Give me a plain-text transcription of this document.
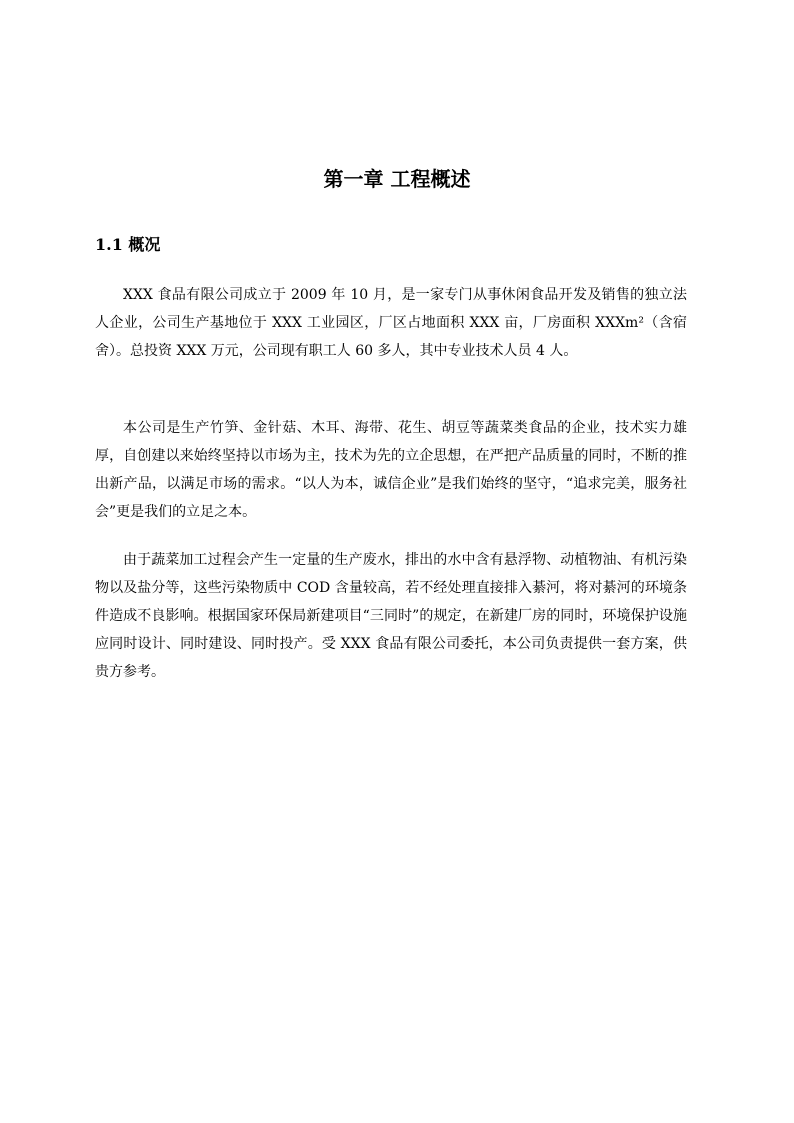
第一章 工程概述
1.1 概况

XXX 食品有限公司成立于 2009 年 10 月，是一家专门从事休闲食品开发及销售的独立法人企业，公司生产基地位于 XXX 工业园区，厂区占地面积 XXX 亩，厂房面积 XXXm²（含宿舍）。总投资 XXX 万元，公司现有职工人 60 多人，其中专业技术人员 4 人。

本公司是生产竹笋、金针菇、木耳、海带、花生、胡豆等蔬菜类食品的企业，技术实力雄厚，自创建以来始终坚持以市场为主，技术为先的立企思想，在严把产品质量的同时，不断的推出新产品，以满足市场的需求。“以人为本，诚信企业”是我们始终的坚守，“追求完美，服务社会”更是我们的立足之本。

由于蔬菜加工过程会产生一定量的生产废水，排出的水中含有悬浮物、动植物油、有机污染物以及盐分等，这些污染物质中 COD 含量较高，若不经处理直接排入綦河，将对綦河的环境条件造成不良影响。根据国家环保局新建项目“三同时”的规定，在新建厂房的同时，环境保护设施应同时设计、同时建设、同时投产。受 XXX 食品有限公司委托，本公司负责提供一套方案，供贵方参考。
